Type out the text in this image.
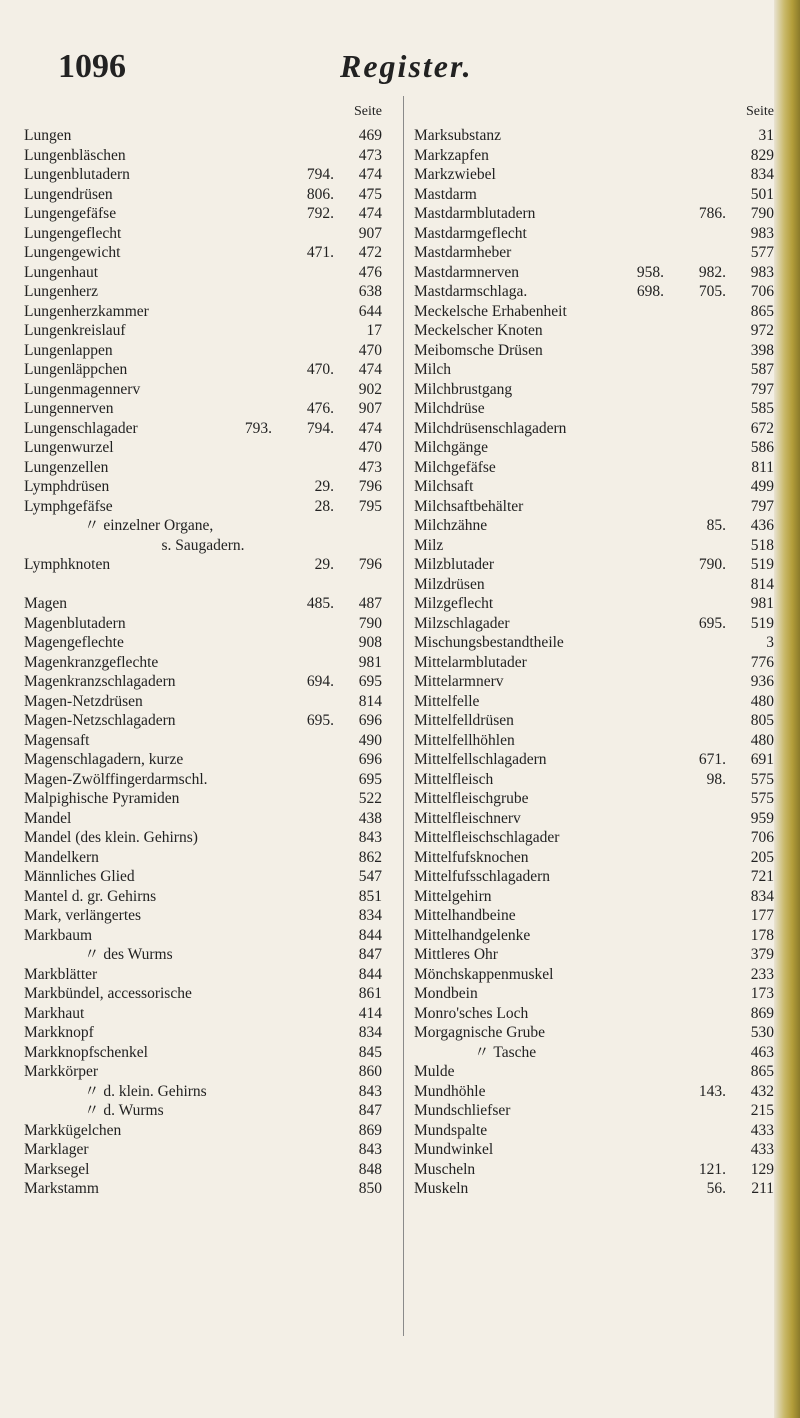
1096	Register.
Seite
Lungen	469
Lungenbläschen	473
Lungenblutadern	794. 474
Lungendrüsen	806. 475
Lungengefäfse	792. 474
Lungengeflecht	907
Lungengewicht	471. 472
Lungenhaut	476
Lungenherz	638
Lungenherzkammer	644
Lungenkreislauf	17
Lungenlappen	470
Lungenläppchen	470. 474
Lungenmagennerv	902
Lungennerven	476. 907
Lungenschlagader	793. 794. 474
Lungenwurzel	470
Lungenzellen	473
Lymphdrüsen	29. 796
Lymphgefäfse	28. 795
〃 einzelner Organe,
s. Saugadern.
Lymphknoten	29. 796
Magen	485. 487
Magenblutadern	790
Magengeflechte	908
Magenkranzgeflechte	981
Magenkranzschlagadern	694. 695
Magen-Netzdrüsen	814
Magen-Netzschlagadern	695. 696
Magensaft	490
Magenschlagadern, kurze	696
Magen-Zwölffingerdarmschl.	695
Malpighische Pyramiden	522
Mandel	438
Mandel (des klein. Gehirns)	843
Mandelkern	862
Männliches Glied	547
Mantel d. gr. Gehirns	851
Mark, verlängertes	834
Markbaum	844
〃 des Wurms	847
Markblätter	844
Markbündel, accessorische	861
Markhaut	414
Markknopf	834
Markknopfschenkel	845
Markkörper	860
〃 d. klein. Gehirns	843
〃 d. Wurms	847
Markkügelchen	869
Marklager	843
Marksegel	848
Markstamm	850
Seite
Marksubstanz	31
Markzapfen	829
Markzwiebel	834
Mastdarm	501
Mastdarmblutadern	786. 790
Mastdarmgeflecht	983
Mastdarmheber	577
Mastdarmnerven	958. 982. 983
Mastdarmschlagа.	698. 705. 706
Meckelsche Erhabenheit	865
Meckelscher Knoten	972
Meibomsche Drüsen	398
Milch	587
Milchbrustgang	797
Milchdrüse	585
Milchdrüsenschlagadern	672
Milchgänge	586
Milchgefäfse	811
Milchsaft	499
Milchsaftbehälter	797
Milchzähne	85. 436
Milz	518
Milzblutader	790. 519
Milzdrüsen	814
Milzgeflecht	981
Milzschlagader	695. 519
Mischungsbestandtheile	3
Mittelarmblutader	776
Mittelarmnerv	936
Mittelfelle	480
Mittelfelldrüsen	805
Mittelfellhöhlen	480
Mittelfellschlagadern	671. 691
Mittelfleisch	98. 575
Mittelfleischgrube	575
Mittelfleischnerv	959
Mittelfleischschlagader	706
Mittelfufsknochen	205
Mittelfufsschlagadern	721
Mittelgehirn	834
Mittelhandbeine	177
Mittelhandgelenke	178
Mittleres Ohr	379
Mönchskappenmuskel	233
Mondbein	173
Monro'sches Loch	869
Morgagnische Grube	530
〃 Tasche	463
Mulde	865
Mundhöhle	143. 432
Mundschliefser	215
Mundspalte	433
Mundwinkel	433
Muscheln	121. 129
Muskeln	56. 211
